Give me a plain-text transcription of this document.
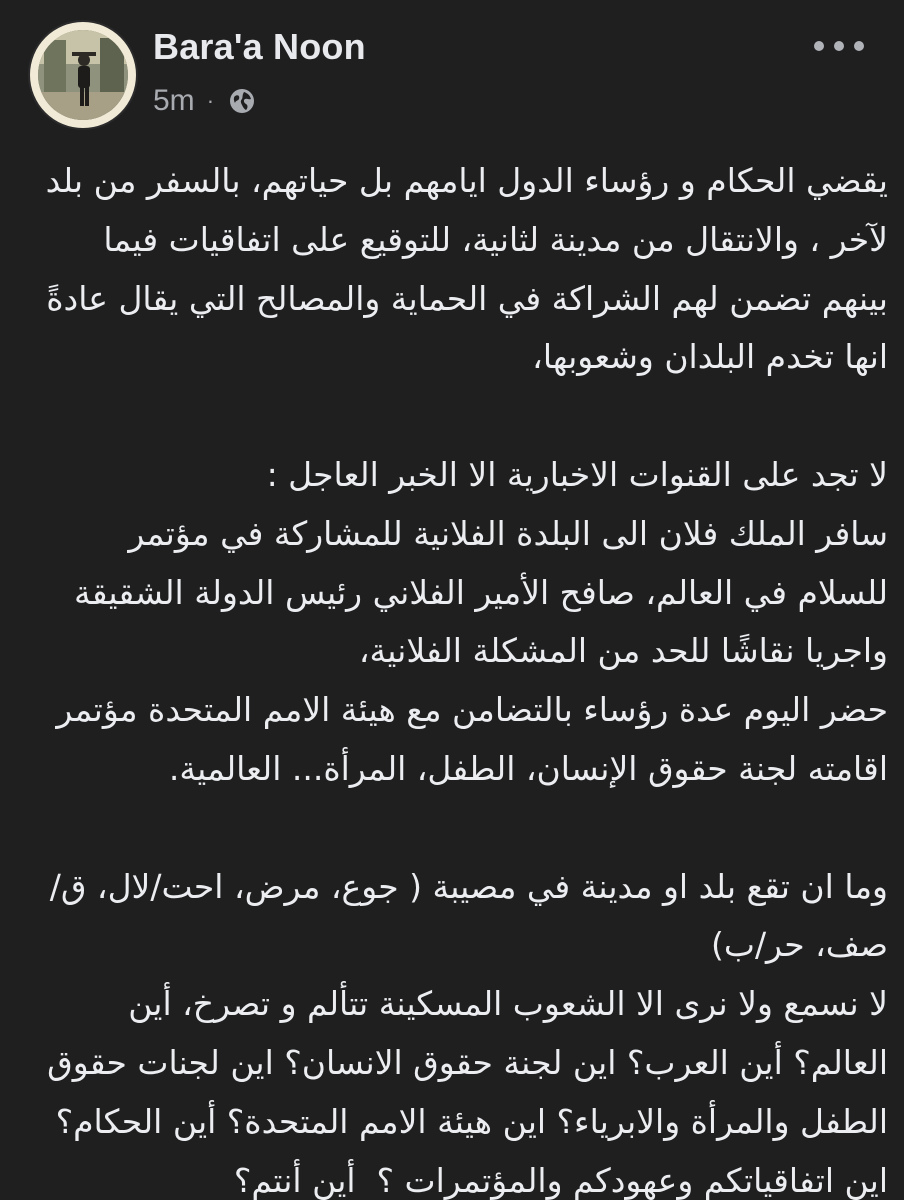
Bara'a Noon
5m ·

يقضي الحكام و رؤساء الدول ايامهم بل حياتهم، بالسفر من بلد لآخر ، والانتقال من مدينة لثانية، للتوقيع على اتفاقيات فيما بينهم تضمن لهم الشراكة في الحماية والمصالح التي يقال عادةً انها تخدم البلدان وشعوبها،

لا تجد على القنوات الاخبارية الا الخبر العاجل :
سافر الملك فلان الى البلدة الفلانية للمشاركة في مؤتمر للسلام في العالم، صافح الأمير الفلاني رئيس الدولة الشقيقة واجريا نقاشًا للحد من المشكلة الفلانية،
حضر اليوم عدة رؤساء بالتضامن مع هيئة الامم المتحدة مؤتمر اقامته لجنة حقوق الإنسان، الطفل، المرأة... العالمية.

وما ان تقع بلد او مدينة في مصيبة ( جوع، مرض، احت/لال، ق/صف، حر/ب)
لا نسمع ولا نرى الا الشعوب المسكينة تتألم و تصرخ، أين العالم؟ أين العرب؟ اين لجنة حقوق الانسان؟ اين لجنات حقوق الطفل والمرأة والابرياء؟ اين هيئة الامم المتحدة؟ أين الحكام؟ اين اتفاقياتكم وعهودكم والمؤتمرات ؟  أين أنتم؟
